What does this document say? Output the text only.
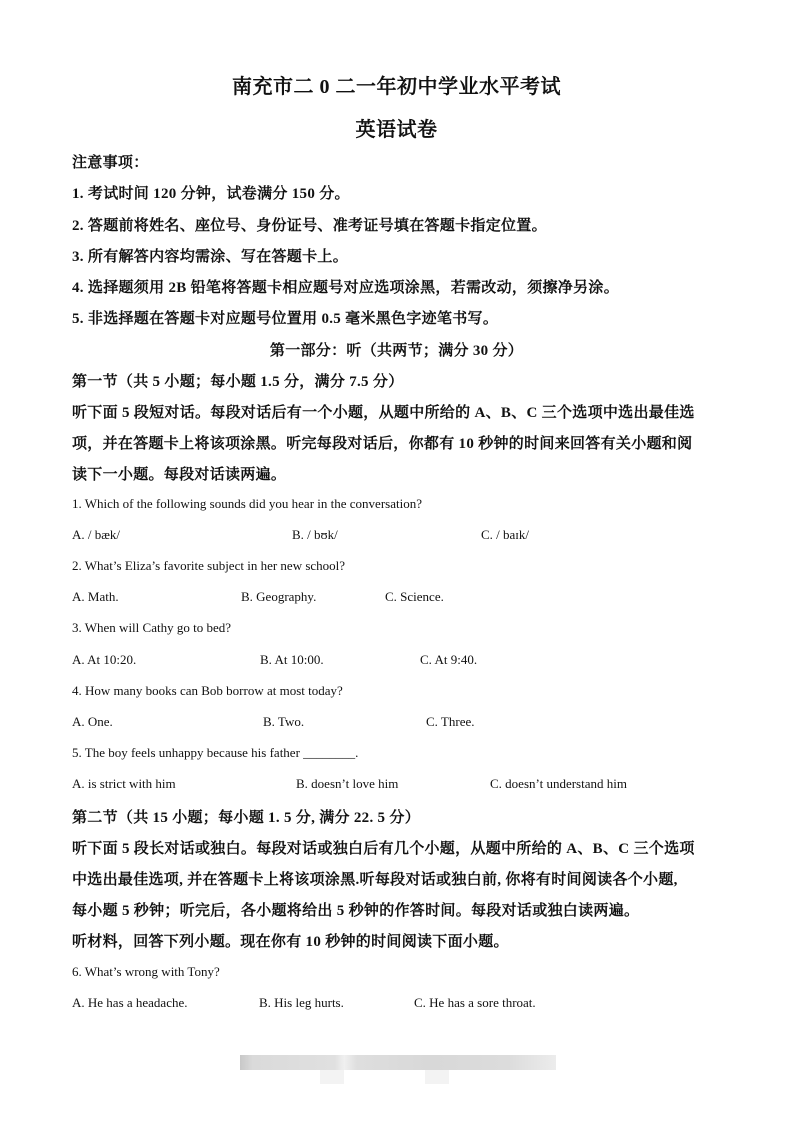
南充市二 0 二一年初中学业水平考试
英语试卷
注意事项：
1. 考试时间 120 分钟，试卷满分 150 分。
2. 答题前将姓名、座位号、身份证号、准考证号填在答题卡指定位置。
3. 所有解答内容均需涂、写在答题卡上。
4. 选择题须用 2B 铅笔将答题卡相应题号对应选项涂黑，若需改动，须擦净另涂。
5. 非选择题在答题卡对应题号位置用 0.5 毫米黑色字迹笔书写。
第一部分：听（共两节；满分 30 分）
第一节（共 5 小题；每小题 1.5 分，满分 7.5 分）
听下面 5 段短对话。每段对话后有一个小题，从题中所给的 A、B、C 三个选项中选出最佳选
项，并在答题卡上将该项涂黑。听完每段对话后，你都有 10 秒钟的时间来回答有关小题和阅
读下一小题。每段对话读两遍。
1. Which of the following sounds did you hear in the conversation?
A. / bæk/	B. / bʊk/	C. / baɪk/
2. What’s Eliza’s favorite subject in her new school?
A. Math.	B. Geography.	C. Science.
3. When will Cathy go to bed?
A. At 10:20.	B. At 10:00.	C. At 9:40.
4. How many books can Bob borrow at most today?
A. One.	B. Two.	C. Three.
5. The boy feels unhappy because his father ________.
A. is strict with him	B. doesn’t love him	C. doesn’t understand him
第二节（共 15 小题；每小题 1. 5 分, 满分 22. 5 分）
听下面 5 段长对话或独白。每段对话或独白后有几个小题，从题中所给的 A、B、C 三个选项
中选出最佳选项, 并在答题卡上将该项涂黑.听每段对话或独白前, 你将有时间阅读各个小题,
每小题 5 秒钟；听完后，各小题将给出 5 秒钟的作答时间。每段对话或独白读两遍。
听材料，回答下列小题。现在你有 10 秒钟的时间阅读下面小题。
6. What’s wrong with Tony?
A. He has a headache.	B. His leg hurts.	C. He has a sore throat.
